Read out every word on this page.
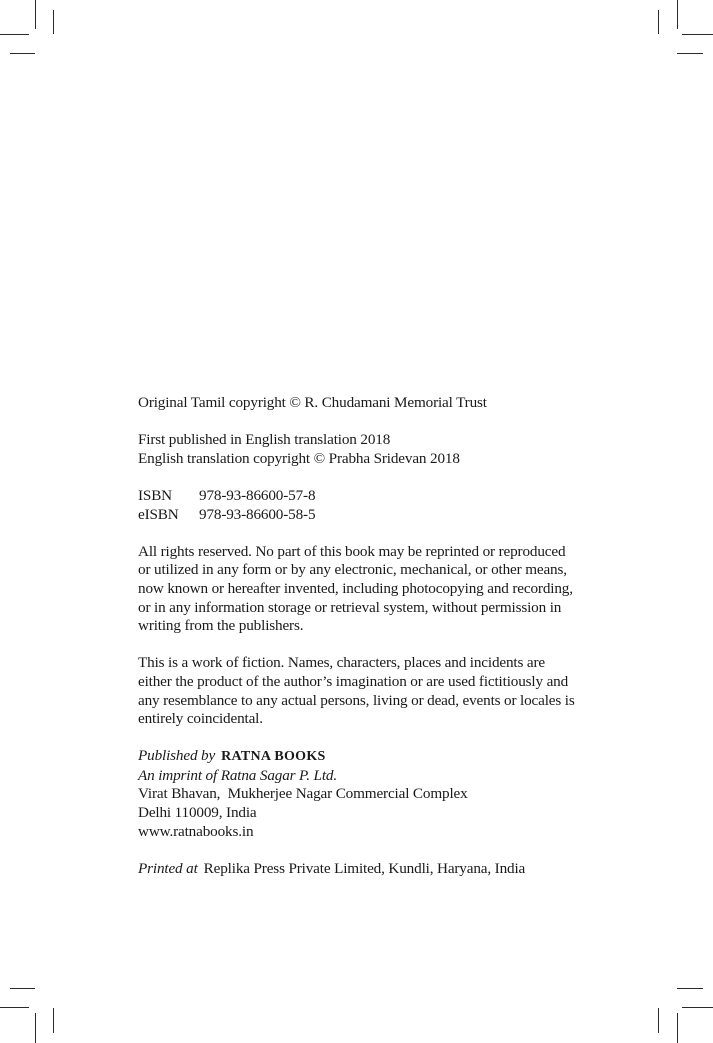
Original Tamil copyright © R. Chudamani Memorial Trust
First published in English translation 2018
English translation copyright © Prabha Sridevan 2018
ISBN 978-93-86600-57-8
eISBN 978-93-86600-58-5
All rights reserved. No part of this book may be reprinted or reproduced
or utilized in any form or by any electronic, mechanical, or other means,
now known or hereafter invented, including photocopying and recording,
or in any information storage or retrieval system, without permission in
writing from the publishers.
This is a work of fiction. Names, characters, places and incidents are
either the product of the author’s imagination or are used fictitiously and
any resemblance to any actual persons, living or dead, events or locales is
entirely coincidental.
Published by RATNA BOOKS
An imprint of Ratna Sagar P. Ltd.
Virat Bhavan,  Mukherjee Nagar Commercial Complex
Delhi 110009, India
www.ratnabooks.in
Printed at Replika Press Private Limited, Kundli, Haryana, India
